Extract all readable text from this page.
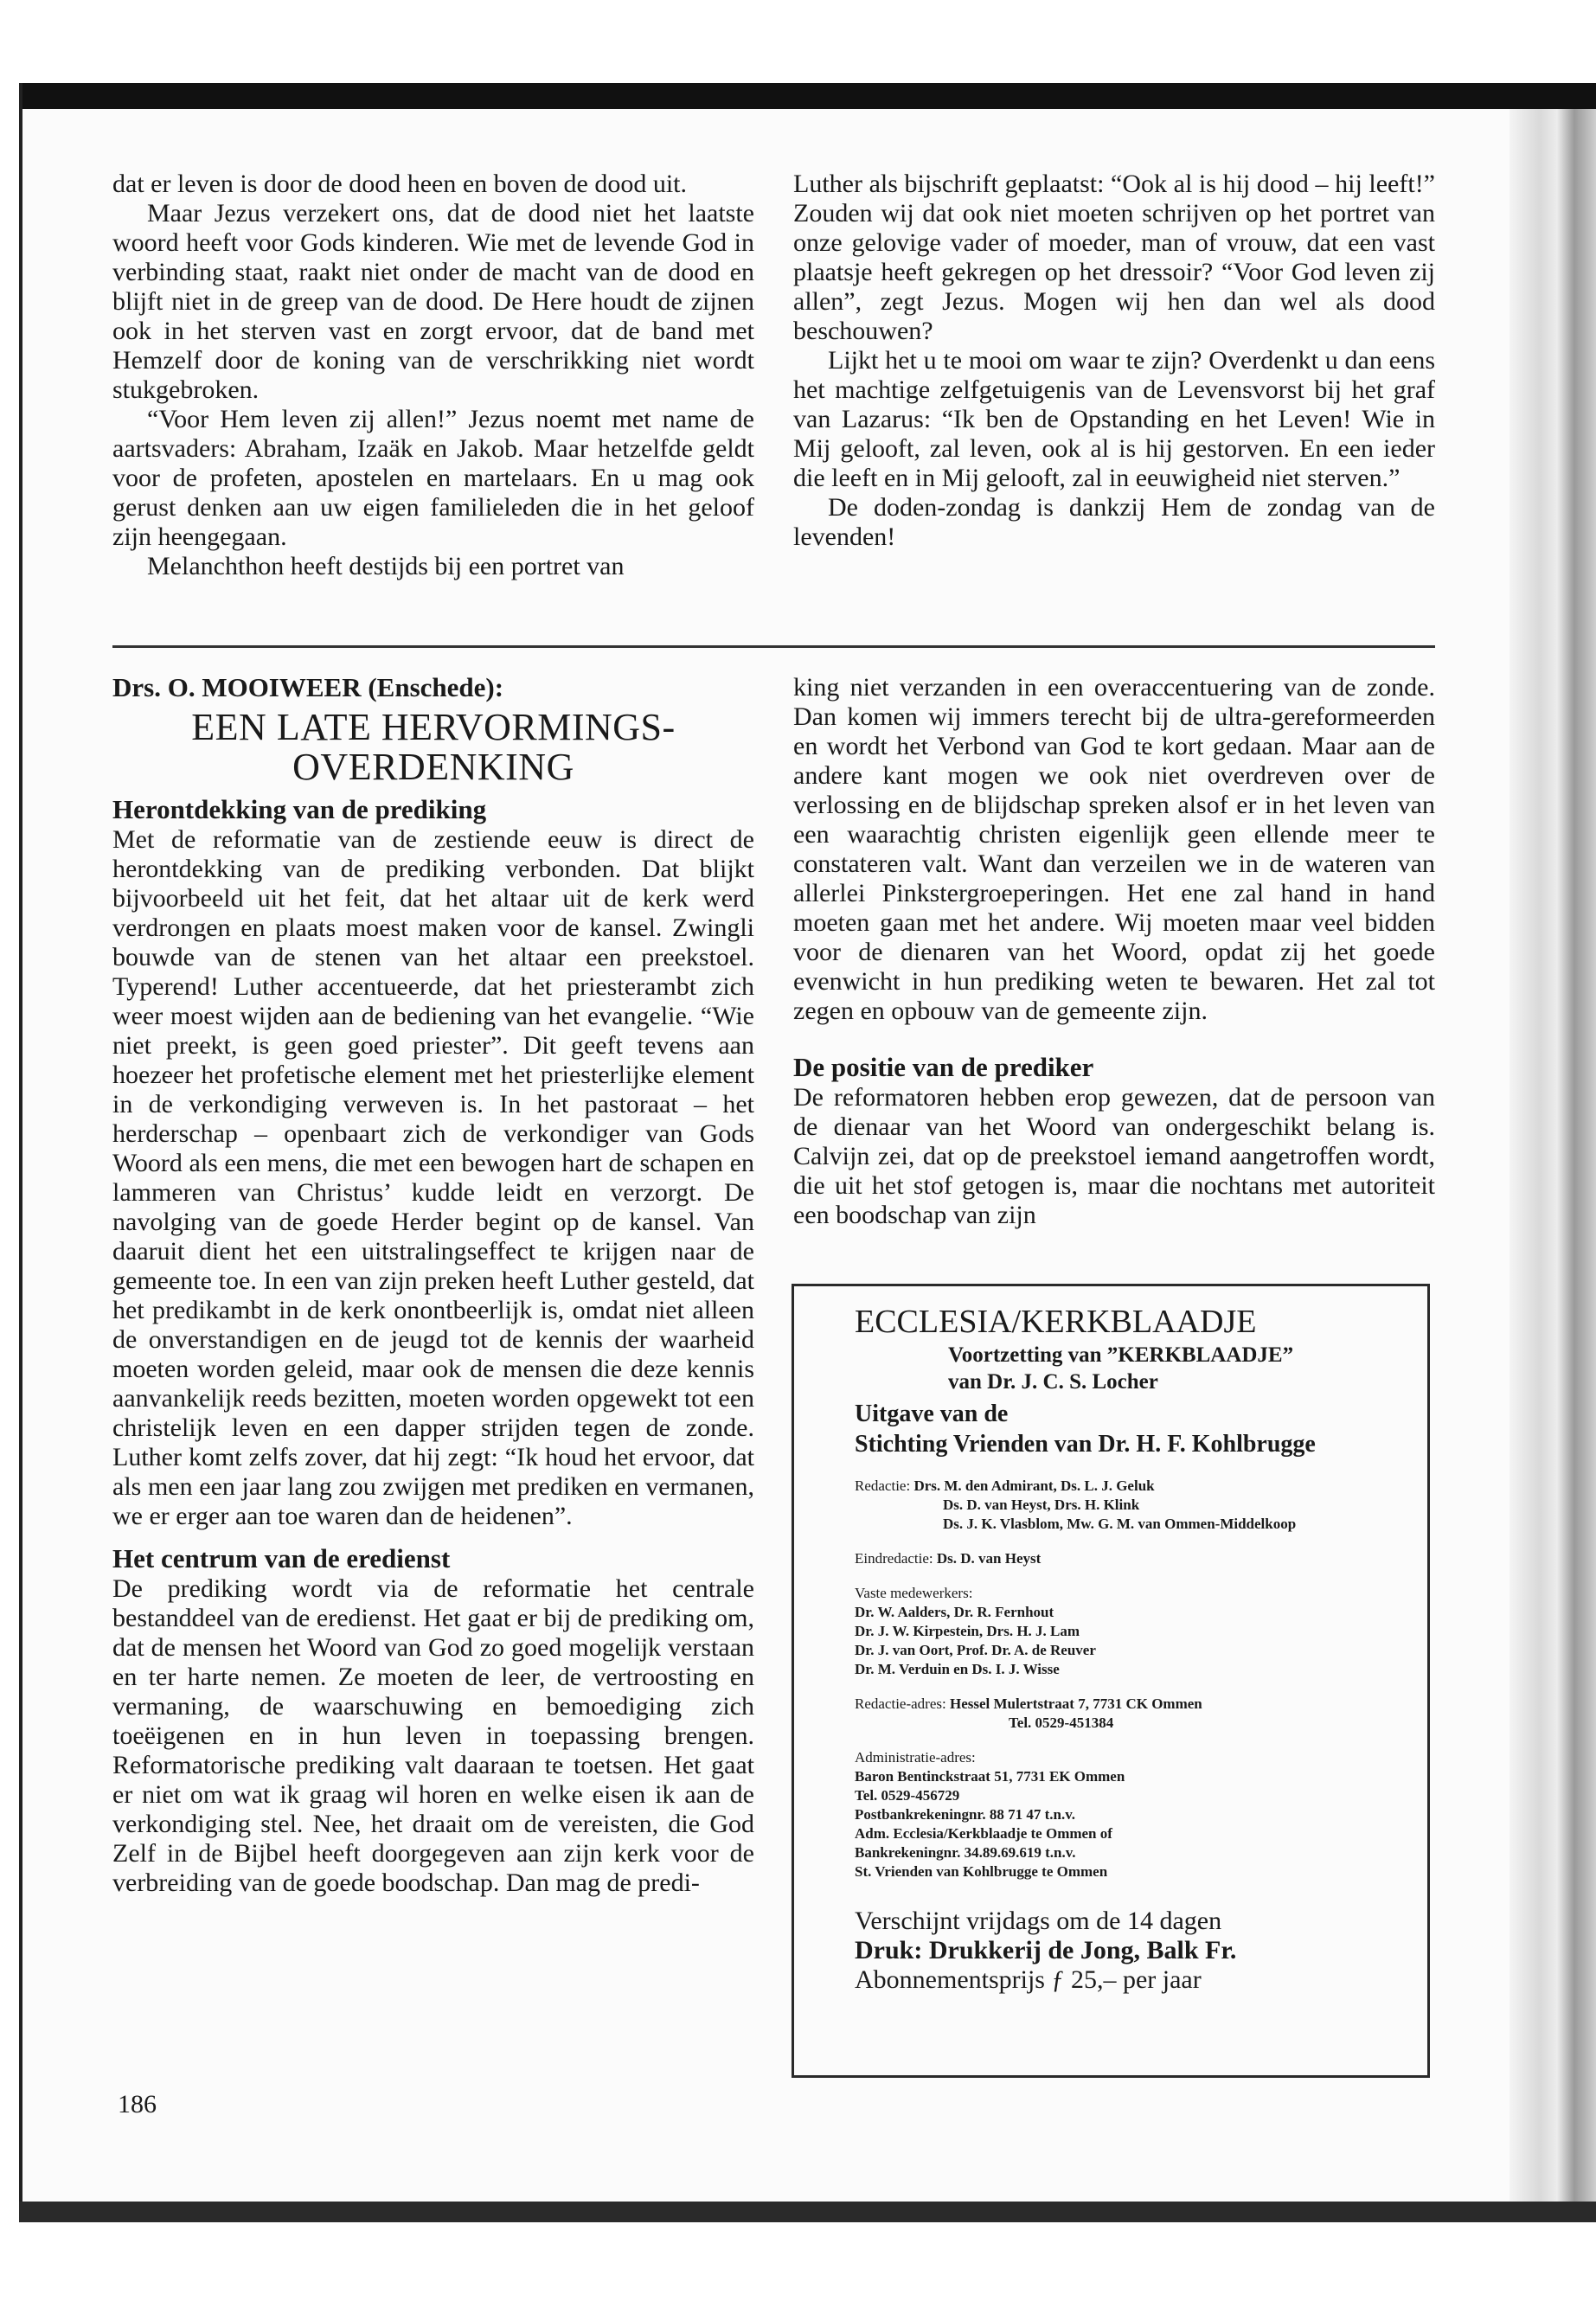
dat er leven is door de dood heen en boven de dood uit.

Maar Jezus verzekert ons, dat de dood niet het laatste woord heeft voor Gods kinderen. Wie met de levende God in verbinding staat, raakt niet onder de macht van de dood en blijft niet in de greep van de dood. De Here houdt de zijnen ook in het sterven vast en zorgt ervoor, dat de band met Hemzelf door de koning van de verschrikking niet wordt stukgebroken.

“Voor Hem leven zij allen!” Jezus noemt met name de aartsvaders: Abraham, Izaäk en Jakob. Maar hetzelfde geldt voor de profeten, apostelen en martelaars. En u mag ook gerust denken aan uw eigen familieleden die in het geloof zijn heengegaan.

Melanchthon heeft destijds bij een portret van

Luther als bijschrift geplaatst: “Ook al is hij dood – hij leeft!” Zouden wij dat ook niet moeten schrijven op het portret van onze gelovige vader of moeder, man of vrouw, dat een vast plaatsje heeft gekregen op het dressoir? “Voor God leven zij allen”, zegt Jezus. Mogen wij hen dan wel als dood beschouwen?

Lijkt het u te mooi om waar te zijn? Overdenkt u dan eens het machtige zelfgetuigenis van de Levensvorst bij het graf van Lazarus: “Ik ben de Opstanding en het Leven! Wie in Mij gelooft, zal leven, ook al is hij gestorven. En een ieder die leeft en in Mij gelooft, zal in eeuwigheid niet sterven.”

De doden-zondag is dankzij Hem de zondag van de levenden!

Drs. O. MOOIWEER (Enschede):
EEN LATE HERVORMINGS-
OVERDENKING
Herontdekking van de prediking

Met de reformatie van de zestiende eeuw is direct de herontdekking van de prediking verbonden. Dat blijkt bijvoorbeeld uit het feit, dat het altaar uit de kerk werd verdrongen en plaats moest maken voor de kansel. Zwingli bouwde van de stenen van het altaar een preekstoel. Typerend! Luther accentueerde, dat het priesterambt zich weer moest wijden aan de bediening van het evangelie. “Wie niet preekt, is geen goed priester”. Dit geeft tevens aan hoezeer het profetische element met het priesterlijke element in de verkondiging verweven is. In het pastoraat – het herderschap – openbaart zich de verkondiger van Gods Woord als een mens, die met een bewogen hart de schapen en lammeren van Christus’ kudde leidt en verzorgt. De navolging van de goede Herder begint op de kansel. Van daaruit dient het een uitstralingseffect te krijgen naar de gemeente toe. In een van zijn preken heeft Luther gesteld, dat het predikambt in de kerk onontbeerlijk is, omdat niet alleen de onverstandigen en de jeugd tot de kennis der waarheid moeten worden geleid, maar ook de mensen die deze kennis aanvankelijk reeds bezitten, moeten worden opgewekt tot een christelijk leven en een dapper strijden tegen de zonde. Luther komt zelfs zover, dat hij zegt: “Ik houd het ervoor, dat als men een jaar lang zou zwijgen met prediken en vermanen, we er erger aan toe waren dan de heidenen”.

Het centrum van de eredienst

De prediking wordt via de reformatie het centrale bestanddeel van de eredienst. Het gaat er bij de prediking om, dat de mensen het Woord van God zo goed mogelijk verstaan en ter harte nemen. Ze moeten de leer, de vertroosting en vermaning, de waarschuwing en bemoediging zich toeëigenen en in hun leven in toepassing brengen. Reformatorische prediking valt daaraan te toetsen. Het gaat er niet om wat ik graag wil horen en welke eisen ik aan de verkondiging stel. Nee, het draait om de vereisten, die God Zelf in de Bijbel heeft doorgegeven aan zijn kerk voor de verbreiding van de goede boodschap. Dan mag de predi-

king niet verzanden in een overaccentuering van de zonde. Dan komen wij immers terecht bij de ultra-gereformeerden en wordt het Verbond van God te kort gedaan. Maar aan de andere kant mogen we ook niet overdreven over de verlossing en de blijdschap spreken alsof er in het leven van een waarachtig christen eigenlijk geen ellende meer te constateren valt. Want dan verzeilen we in de wateren van allerlei Pinkstergroeperingen. Het ene zal hand in hand moeten gaan met het andere. Wij moeten maar veel bidden voor de dienaren van het Woord, opdat zij het goede evenwicht in hun prediking weten te bewaren. Het zal tot zegen en opbouw van de gemeente zijn.

De positie van de prediker

De reformatoren hebben erop gewezen, dat de persoon van de dienaar van het Woord van ondergeschikt belang is. Calvijn zei, dat op de preekstoel iemand aangetroffen wordt, die uit het stof getogen is, maar die nochtans met autoriteit een boodschap van zijn

ECCLESIA/KERKBLAADJE
Voortzetting van ”KERKBLAADJE”
van Dr. J. C. S. Locher
Uitgave van de
Stichting Vrienden van Dr. H. F. Kohlbrugge
Redactie: Drs. M. den Admirant, Ds. L. J. Geluk
Ds. D. van Heyst, Drs. H. Klink
Ds. J. K. Vlasblom, Mw. G. M. van Ommen-Middelkoop
Eindredactie: Ds. D. van Heyst
Vaste medewerkers:
Dr. W. Aalders, Dr. R. Fernhout
Dr. J. W. Kirpestein, Drs. H. J. Lam
Dr. J. van Oort, Prof. Dr. A. de Reuver
Dr. M. Verduin en Ds. I. J. Wisse
Redactie-adres: Hessel Mulertstraat 7, 7731 CK Ommen
Tel. 0529-451384
Administratie-adres:
Baron Bentinckstraat 51, 7731 EK Ommen
Tel. 0529-456729
Postbankrekeningnr. 88 71 47 t.n.v.
Adm. Ecclesia/Kerkblaadje te Ommen of
Bankrekeningnr. 34.89.69.619 t.n.v.
St. Vrienden van Kohlbrugge te Ommen
Verschijnt vrijdags om de 14 dagen
Druk: Drukkerij de Jong, Balk Fr.
Abonnementsprijs ƒ 25,– per jaar
186
